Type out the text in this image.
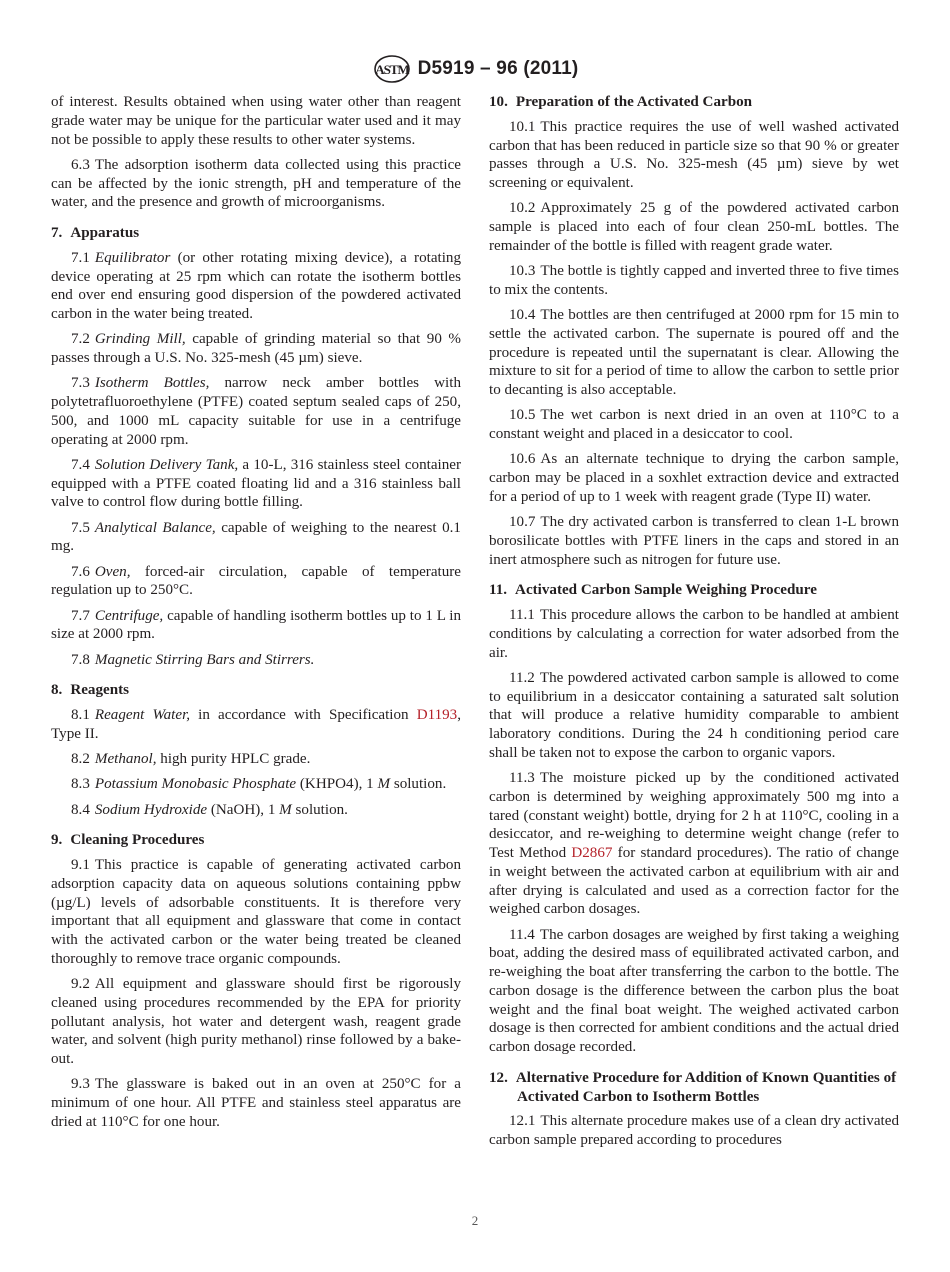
ASTM D5919 – 96 (2011)

of interest. Results obtained when using water other than reagent grade water may be unique for the particular water used and it may not be possible to apply these results to other water systems.

6.3 The adsorption isotherm data collected using this practice can be affected by the ionic strength, pH and temperature of the water, and the presence and growth of microorganisms.

7. Apparatus

7.1 Equilibrator (or other rotating mixing device), a rotating device operating at 25 rpm which can rotate the isotherm bottles end over end ensuring good dispersion of the powdered activated carbon in the water being treated.

7.2 Grinding Mill, capable of grinding material so that 90 % passes through a U.S. No. 325-mesh (45 µm) sieve.

7.3 Isotherm Bottles, narrow neck amber bottles with polytetrafluoroethylene (PTFE) coated septum sealed caps of 250, 500, and 1000 mL capacity suitable for use in a centrifuge operating at 2000 rpm.

7.4 Solution Delivery Tank, a 10-L, 316 stainless steel container equipped with a PTFE coated floating lid and a 316 stainless ball valve to control flow during bottle filling.

7.5 Analytical Balance, capable of weighing to the nearest 0.1 mg.

7.6 Oven, forced-air circulation, capable of temperature regulation up to 250°C.

7.7 Centrifuge, capable of handling isotherm bottles up to 1 L in size at 2000 rpm.

7.8 Magnetic Stirring Bars and Stirrers.

8. Reagents

8.1 Reagent Water, in accordance with Specification D1193, Type II.

8.2 Methanol, high purity HPLC grade.

8.3 Potassium Monobasic Phosphate (KHPO4), 1 M solution.

8.4 Sodium Hydroxide (NaOH), 1 M solution.

9. Cleaning Procedures

9.1 This practice is capable of generating activated carbon adsorption capacity data on aqueous solutions containing ppbw (µg/L) levels of adsorbable constituents. It is therefore very important that all equipment and glassware that come in contact with the activated carbon or the water being treated be cleaned thoroughly to remove trace organic compounds.

9.2 All equipment and glassware should first be rigorously cleaned using procedures recommended by the EPA for priority pollutant analysis, hot water and detergent wash, reagent grade water, and solvent (high purity methanol) rinse followed by a bake-out.

9.3 The glassware is baked out in an oven at 250°C for a minimum of one hour. All PTFE and stainless steel apparatus are dried at 110°C for one hour.

10. Preparation of the Activated Carbon

10.1 This practice requires the use of well washed activated carbon that has been reduced in particle size so that 90 % or greater passes through a U.S. No. 325-mesh (45 µm) sieve by wet screening or equivalent.

10.2 Approximately 25 g of the powdered activated carbon sample is placed into each of four clean 250-mL bottles. The remainder of the bottle is filled with reagent grade water.

10.3 The bottle is tightly capped and inverted three to five times to mix the contents.

10.4 The bottles are then centrifuged at 2000 rpm for 15 min to settle the activated carbon. The supernate is poured off and the procedure is repeated until the supernatant is clear. Allowing the mixture to sit for a period of time to allow the carbon to settle prior to decanting is also acceptable.

10.5 The wet carbon is next dried in an oven at 110°C to a constant weight and placed in a desiccator to cool.

10.6 As an alternate technique to drying the carbon sample, carbon may be placed in a soxhlet extraction device and extracted for a period of up to 1 week with reagent grade (Type II) water.

10.7 The dry activated carbon is transferred to clean 1-L brown borosilicate bottles with PTFE liners in the caps and stored in an inert atmosphere such as nitrogen for future use.

11. Activated Carbon Sample Weighing Procedure

11.1 This procedure allows the carbon to be handled at ambient conditions by calculating a correction for water adsorbed from the air.

11.2 The powdered activated carbon sample is allowed to come to equilibrium in a desiccator containing a saturated salt solution that will produce a relative humidity comparable to ambient laboratory conditions. During the 24 h conditioning period care shall be taken not to expose the carbon to organic vapors.

11.3 The moisture picked up by the conditioned activated carbon is determined by weighing approximately 500 mg into a tared (constant weight) bottle, drying for 2 h at 110°C, cooling in a desiccator, and re-weighing to determine weight change (refer to Test Method D2867 for standard procedures). The ratio of change in weight between the activated carbon at equilibrium with air and after drying is calculated and used as a correction factor for the weighed carbon dosages.

11.4 The carbon dosages are weighed by first taking a weighing boat, adding the desired mass of equilibrated activated carbon, and re-weighing the boat after transferring the carbon to the bottle. The carbon dosage is the difference between the carbon plus the boat weight and the final boat weight. The weighed activated carbon dosage is then corrected for ambient conditions and the actual dried carbon dosage recorded.

12. Alternative Procedure for Addition of Known Quantities of Activated Carbon to Isotherm Bottles

12.1 This alternate procedure makes use of a clean dry activated carbon sample prepared according to procedures

2
